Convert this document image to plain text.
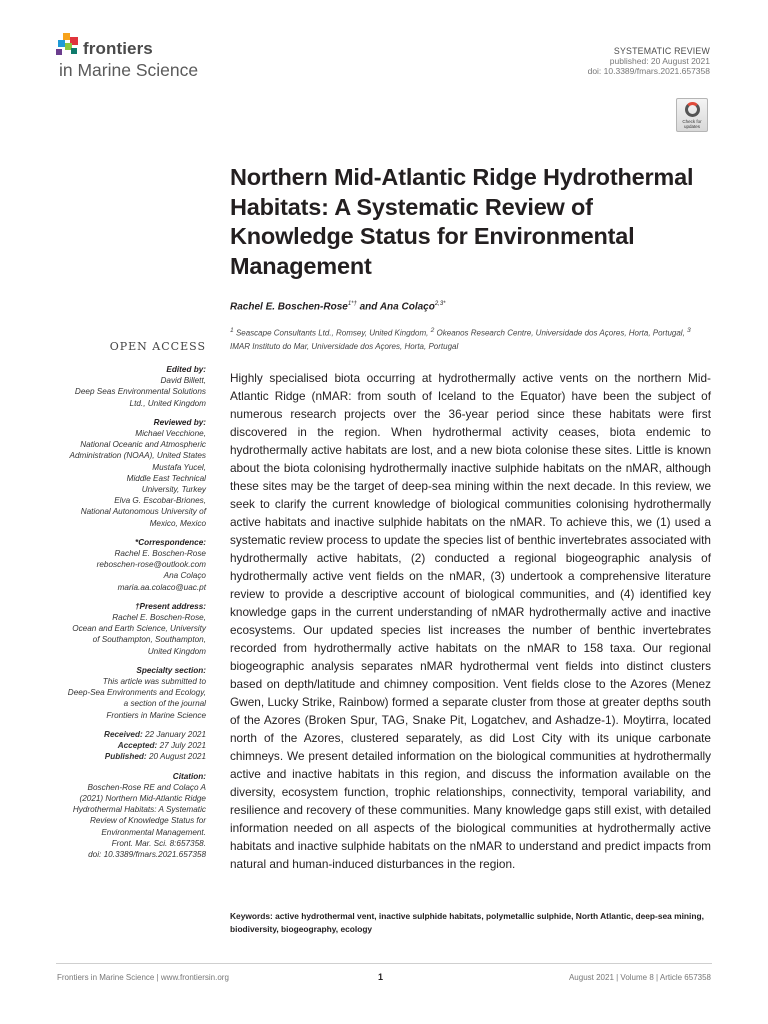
frontiers
in Marine Science
SYSTEMATIC REVIEW
published: 20 August 2021
doi: 10.3389/fmars.2021.657358
Check for updates
Northern Mid-Atlantic Ridge Hydrothermal Habitats: A Systematic Review of Knowledge Status for Environmental Management
Rachel E. Boschen-Rose$^{1*\dagger}$ and Ana Colaço$^{2,3*}$
$^1$ Seascape Consultants Ltd., Romsey, United Kingdom, $^2$ Okeanos Research Centre, Universidade dos Açores, Horta, Portugal, $^3$ IMAR Instituto do Mar, Universidade dos Açores, Horta, Portugal
OPEN ACCESS
Edited by:
David Billett,
Deep Seas Environmental Solutions
Ltd., United Kingdom
Reviewed by:
Michael Vecchione,
National Oceanic and Atmospheric
Administration (NOAA), United States
Mustafa Yucel,
Middle East Technical
University, Turkey
Elva G. Escobar-Briones,
National Autonomous University of
Mexico, Mexico
*Correspondence:
Rachel E. Boschen-Rose
reboschen-rose@outlook.com
Ana Colaço
maria.aa.colaco@uac.pt
†Present address:
Rachel E. Boschen-Rose,
Ocean and Earth Science, University
of Southampton, Southampton,
United Kingdom
Specialty section:
This article was submitted to
Deep-Sea Environments and Ecology,
a section of the journal
Frontiers in Marine Science
Received: 22 January 2021
Accepted: 27 July 2021
Published: 20 August 2021
Citation:
Boschen-Rose RE and Colaço A
(2021) Northern Mid-Atlantic Ridge
Hydrothermal Habitats: A Systematic
Review of Knowledge Status for
Environmental Management.
Front. Mar. Sci. 8:657358.
doi: 10.3389/fmars.2021.657358

Highly specialised biota occurring at hydrothermally active vents on the northern Mid-Atlantic Ridge (nMAR: from south of Iceland to the Equator) have been the subject of numerous research projects over the 36-year period since these habitats were first discovered in the region. When hydrothermal activity ceases, biota endemic to hydrothermally active habitats are lost, and a new biota colonise these sites. Little is known about the biota colonising hydrothermally inactive sulphide habitats on the nMAR, although these sites may be the target of deep-sea mining within the next decade. In this review, we seek to clarify the current knowledge of biological communities colonising hydrothermally active habitats and inactive sulphide habitats on the nMAR. To achieve this, we (1) used a systematic review process to update the species list of benthic invertebrates associated with hydrothermally active habitats, (2) conducted a regional biogeographic analysis of hydrothermally active vent fields on the nMAR, (3) undertook a comprehensive literature review to provide a descriptive account of biological communities, and (4) identified key knowledge gaps in the current understanding of nMAR hydrothermally active and inactive ecosystems. Our updated species list increases the number of benthic invertebrates recorded from hydrothermally active habitats on the nMAR to 158 taxa. Our regional biogeographic analysis separates nMAR hydrothermal vent fields into distinct clusters based on depth/latitude and chimney composition. Vent fields close to the Azores (Menez Gwen, Lucky Strike, Rainbow) formed a separate cluster from those at greater depths south of the Azores (Broken Spur, TAG, Snake Pit, Logatchev, and Ashadze-1). Moytirra, located north of the Azores, clustered separately, as did Lost City with its unique carbonate chimneys. We present detailed information on the biological communities at hydrothermally active and inactive habitats in this region, and discuss the information available on the diversity, ecosystem function, trophic relationships, connectivity, temporal variability, and resilience and recovery of these communities. Many knowledge gaps still exist, with detailed information needed on all aspects of the biological communities at hydrothermally active habitats and inactive sulphide habitats on the nMAR to understand and predict impacts from natural and human-induced disturbances in the region.

Keywords: active hydrothermal vent, inactive sulphide habitats, polymetallic sulphide, North Atlantic, deep-sea mining, biodiversity, biogeography, ecology

Frontiers in Marine Science | www.frontiersin.org	1	August 2021 | Volume 8 | Article 657358
